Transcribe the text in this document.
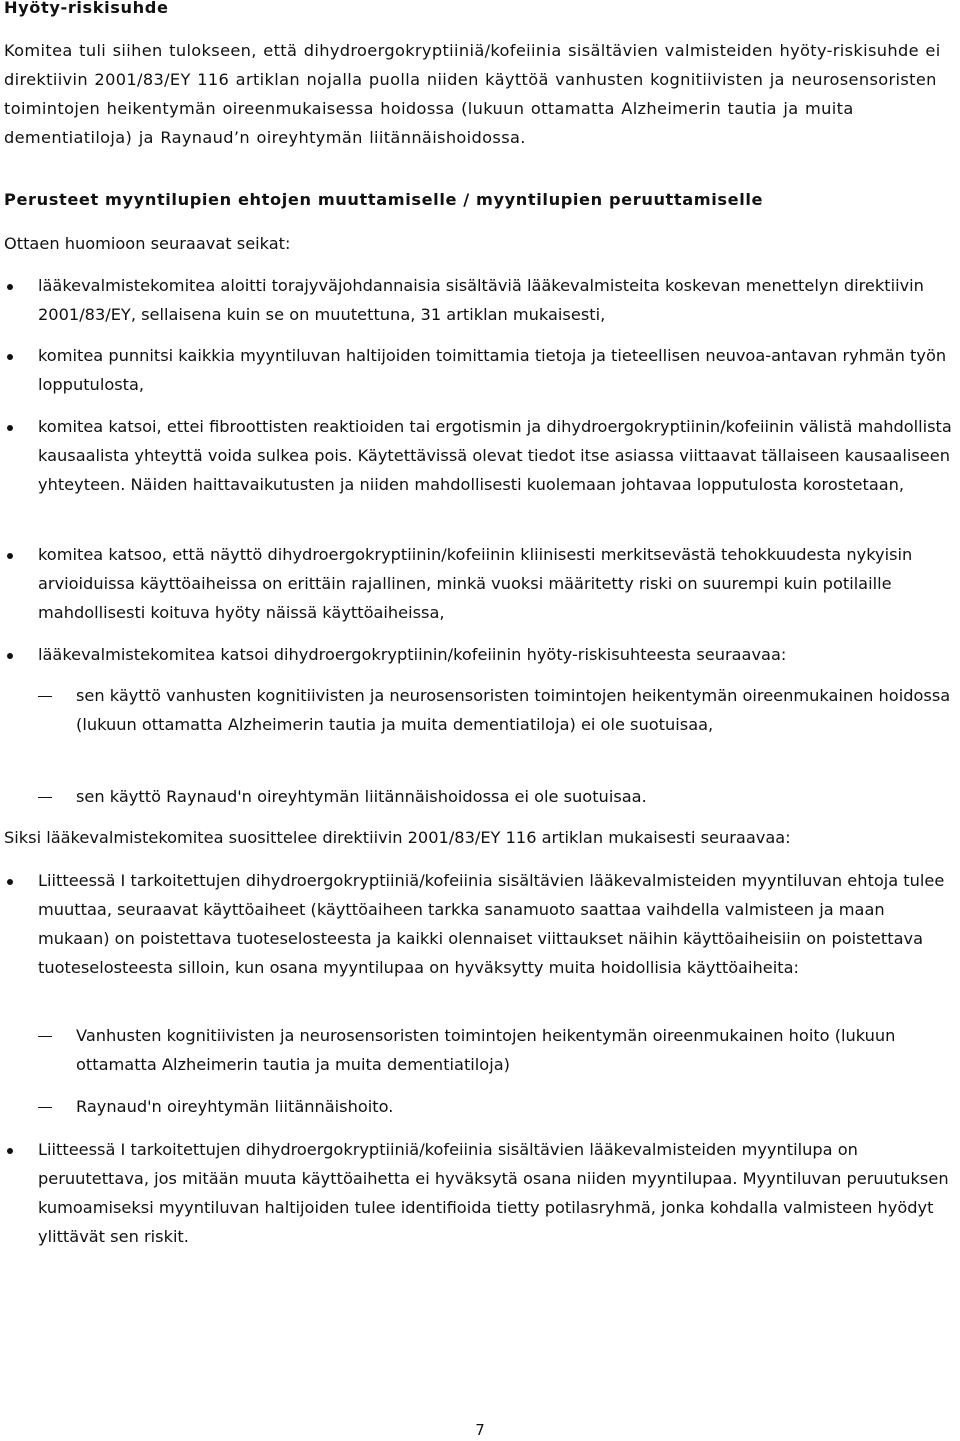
Hyöty-riskisuhde

Komitea tuli siihen tulokseen, että dihydroergokryptiiniä/kofeiinia sisältävien valmisteiden hyöty-riskisuhde ei direktiivin 2001/83/EY 116 artiklan nojalla puolla niiden käyttöä vanhusten kognitiivisten ja neurosensoristen toimintojen heikentymän oireenmukaisessa hoidossa (lukuun ottamatta Alzheimerin tautia ja muita dementiatiloja) ja Raynaud’n oireyhtymän liitännäishoidossa.

Perusteet myyntilupien ehtojen muuttamiselle / myyntilupien peruuttamiselle

Ottaen huomioon seuraavat seikat:

lääkevalmistekomitea aloitti torajyväjohdannaisia sisältäviä lääkevalmisteita koskevan menettelyn direktiivin 2001/83/EY, sellaisena kuin se on muutettuna, 31 artiklan mukaisesti,
komitea punnitsi kaikkia myyntiluvan haltijoiden toimittamia tietoja ja tieteellisen neuvoa-antavan ryhmän työn lopputulosta,
komitea katsoi, ettei fibroottisten reaktioiden tai ergotismin ja dihydroergokryptiinin/kofeiinin välistä mahdollista kausaalista yhteyttä voida sulkea pois. Käytettävissä olevat tiedot itse asiassa viittaavat tällaiseen kausaaliseen yhteyteen. Näiden haittavaikutusten ja niiden mahdollisesti kuolemaan johtavaa lopputulosta korostetaan,
komitea katsoo, että näyttö dihydroergokryptiinin/kofeiinin kliinisesti merkitsevästä tehokkuudesta nykyisin arvioiduissa käyttöaiheissa on erittäin rajallinen, minkä vuoksi määritetty riski on suurempi kuin potilaille mahdollisesti koituva hyöty näissä käyttöaiheissa,
lääkevalmistekomitea katsoi dihydroergokryptiinin/kofeiinin hyöty-riskisuhteesta seuraavaa:
sen käyttö vanhusten kognitiivisten ja neurosensoristen toimintojen heikentymän oireenmukainen hoidossa (lukuun ottamatta Alzheimerin tautia ja muita dementiatiloja) ei ole suotuisaa,
sen käyttö Raynaud'n oireyhtymän liitännäishoidossa ei ole suotuisaa.

Siksi lääkevalmistekomitea suosittelee direktiivin 2001/83/EY 116 artiklan mukaisesti seuraavaa:

Liitteessä I tarkoitettujen dihydroergokryptiiniä/kofeiinia sisältävien lääkevalmisteiden myyntiluvan ehtoja tulee muuttaa, seuraavat käyttöaiheet (käyttöaiheen tarkka sanamuoto saattaa vaihdella valmisteen ja maan mukaan) on poistettava tuoteselosteesta ja kaikki olennaiset viittaukset näihin käyttöaiheisiin on poistettava tuoteselosteesta silloin, kun osana myyntilupaa on hyväksytty muita hoidollisia käyttöaiheita:
Vanhusten kognitiivisten ja neurosensoristen toimintojen heikentymän oireenmukainen hoito (lukuun ottamatta Alzheimerin tautia ja muita dementiatiloja)
Raynaud'n oireyhtymän liitännäishoito.
Liitteessä I tarkoitettujen dihydroergokryptiiniä/kofeiinia sisältävien lääkevalmisteiden myyntilupa on peruutettava, jos mitään muuta käyttöaihetta ei hyväksytä osana niiden myyntilupaa. Myyntiluvan peruutuksen kumoamiseksi myyntiluvan haltijoiden tulee identifioida tietty potilasryhmä, jonka kohdalla valmisteen hyödyt ylittävät sen riskit.
7
